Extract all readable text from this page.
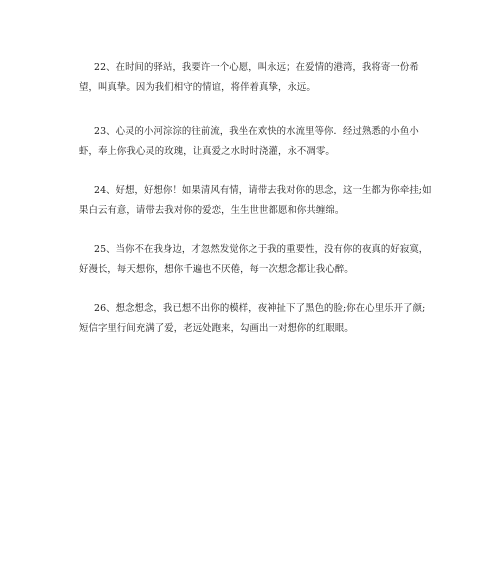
22、在时间的驿站，我要许一个心愿，叫永远；在爱情的港湾，我将寄一份希望，叫真挚。因为我们相守的情谊，将伴着真挚，永远。

23、心灵的小河淙淙的往前流，我坐在欢快的水流里等你．经过熟悉的小鱼小虾，奉上你我心灵的玫瑰，让真爱之水时时浇灌，永不凋零。

24、好想，好想你！如果清风有情，请带去我对你的思念，这一生都为你牵挂;如果白云有意，请带去我对你的爱恋，生生世世都愿和你共缠绵。

25、当你不在我身边，才忽然发觉你之于我的重要性，没有你的夜真的好寂寞，好漫长，每天想你，想你千遍也不厌倦，每一次想念都让我心醉。

26、想念想念，我已想不出你的模样，夜神扯下了黑色的脸;你在心里乐开了颜;短信字里行间充满了爱，老远处跑来，勾画出一对想你的红眼眼。
